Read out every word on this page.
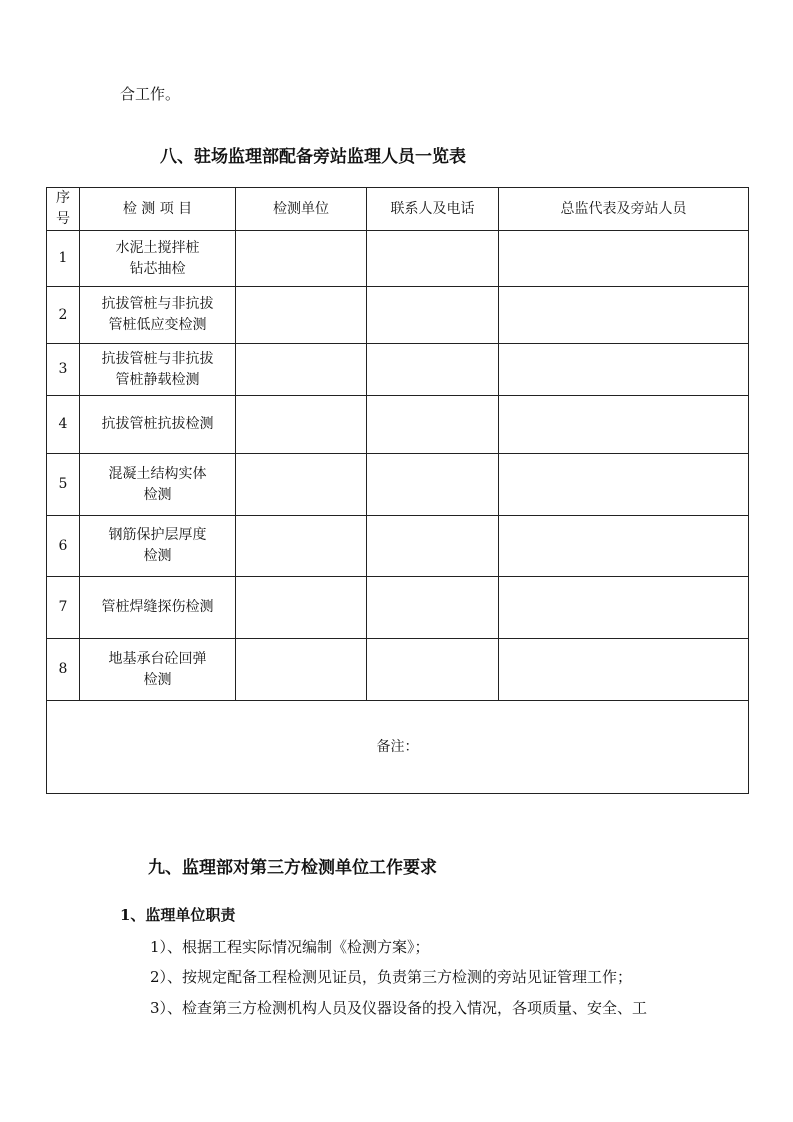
合工作。
八、驻场监理部配备旁站监理人员一览表
序
号	检 测 项 目	检测单位	联系人及电话	总监代表及旁站人员
1	水泥土搅拌桩
钻芯抽检			
2	抗拔管桩与非抗拔
管桩低应变检测			
3	抗拔管桩与非抗拔
管桩静载检测			
4	抗拔管桩抗拔检测			
5	混凝土结构实体
检测			
6	钢筋保护层厚度
检测			
7	管桩焊缝探伤检测			
8	地基承台砼回弹
检测			
备注：				
九、监理部对第三方检测单位工作要求
1、监理单位职责
1）、根据工程实际情况编制《检测方案》；
2）、按规定配备工程检测见证员，负责第三方检测的旁站见证管理工作；
3）、检查第三方检测机构人员及仪器设备的投入情况，各项质量、安全、工
